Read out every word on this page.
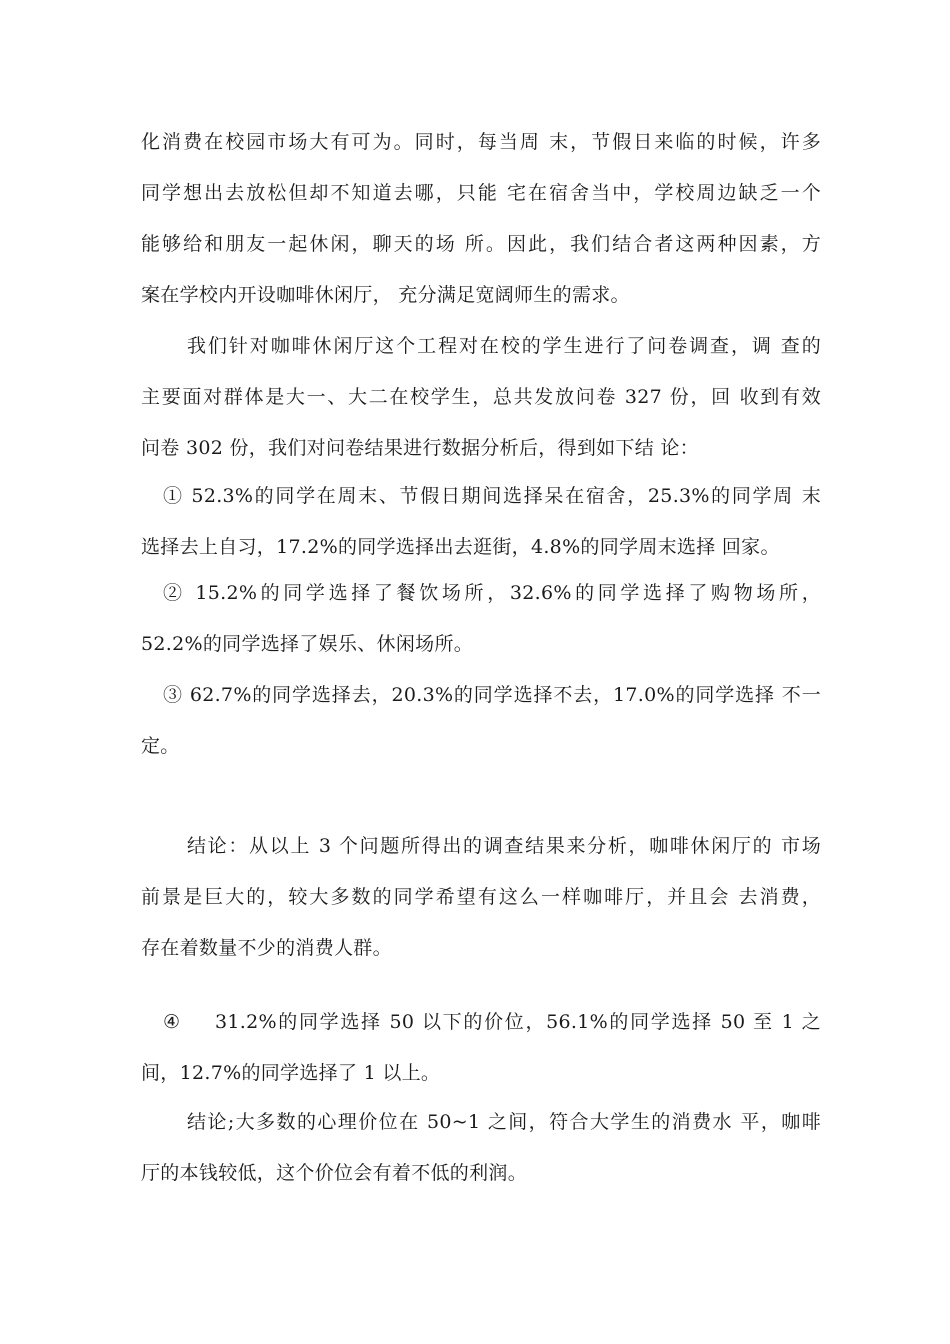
化消费在校园市场大有可为。同时，每当周 末，节假日来临的时候，许多
同学想出去放松但却不知道去哪，只能 宅在宿舍当中，学校周边缺乏一个
能够给和朋友一起休闲，聊天的场 所。因此，我们结合者这两种因素，方
案在学校内开设咖啡休闲厅， 充分满足宽阔师生的需求。
我们针对咖啡休闲厅这个工程对在校的学生进行了问卷调查，调 查的
主要面对群体是大一、大二在校学生，总共发放问卷 327 份，回 收到有效
问卷 302 份，我们对问卷结果进行数据分析后，得到如下结 论：
① 52.3%的同学在周末、节假日期间选择呆在宿舍，25.3%的同学周 末
选择去上自习，17.2%的同学选择出去逛街，4.8%的同学周末选择 回家。
② 15.2%的同学选择了餐饮场所，32.6%的同学选择了购物场所，
52.2%的同学选择了娱乐、休闲场所。
③ 62.7%的同学选择去，20.3%的同学选择不去，17.0%的同学选择 不一
定。
结论：从以上 3 个问题所得出的调查结果来分析，咖啡休闲厅的 市场
前景是巨大的，较大多数的同学希望有这么一样咖啡厅，并且会 去消费，
存在着数量不少的消费人群。
④	31.2%的同学选择 50 以下的价位，56.1%的同学选择 50 至 1 之
间，12.7%的同学选择了 1 以上。
结论;大多数的心理价位在 50~1 之间，符合大学生的消费水 平，咖啡
厅的本钱较低，这个价位会有着不低的利润。
